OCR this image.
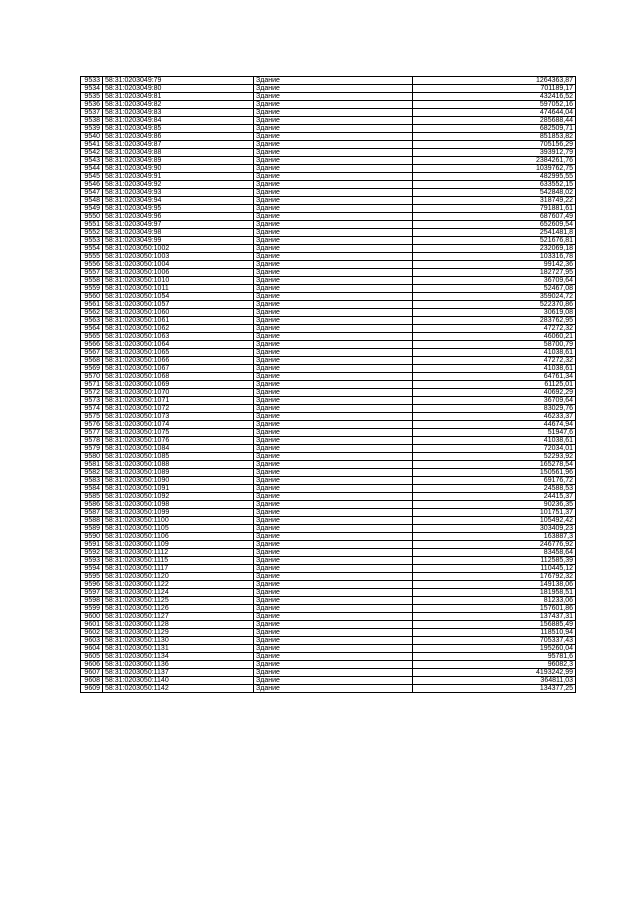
9533	58:31:0203049:79	Здание	1264363,87
9534	58:31:0203049:80	Здание	701189,17
9535	58:31:0203049:81	Здание	432416,52
9536	58:31:0203049:82	Здание	597052,16
9537	58:31:0203049:83	Здание	474644,04
9538	58:31:0203049:84	Здание	285688,44
9539	58:31:0203049:85	Здание	682509,71
9540	58:31:0203049:86	Здание	851853,82
9541	58:31:0203049:87	Здание	705156,29
9542	58:31:0203049:88	Здание	393912,79
9543	58:31:0203049:89	Здание	2384261,76
9544	58:31:0203049:90	Здание	1039762,75
9545	58:31:0203049:91	Здание	482995,55
9546	58:31:0203049:92	Здание	633552,15
9547	58:31:0203049:93	Здание	542848,02
9548	58:31:0203049:94	Здание	318749,22
9549	58:31:0203049:95	Здание	791881,61
9550	58:31:0203049:96	Здание	687607,49
9551	58:31:0203049:97	Здание	652609,54
9552	58:31:0203049:98	Здание	2541481,8
9553	58:31:0203049:99	Здание	521676,81
9554	58:31:0203050:1002	Здание	232069,18
9555	58:31:0203050:1003	Здание	103316,78
9556	58:31:0203050:1004	Здание	99142,36
9557	58:31:0203050:1006	Здание	182727,95
9558	58:31:0203050:1010	Здание	36709,64
9559	58:31:0203050:1011	Здание	52467,08
9560	58:31:0203050:1054	Здание	359024,72
9561	58:31:0203050:1057	Здание	522370,86
9562	58:31:0203050:1060	Здание	30619,08
9563	58:31:0203050:1061	Здание	283762,95
9564	58:31:0203050:1062	Здание	47272,32
9565	58:31:0203050:1063	Здание	46060,21
9566	58:31:0203050:1064	Здание	58700,79
9567	58:31:0203050:1065	Здание	41038,61
9568	58:31:0203050:1066	Здание	47272,32
9569	58:31:0203050:1067	Здание	41038,61
9570	58:31:0203050:1068	Здание	64761,34
9571	58:31:0203050:1069	Здание	61125,01
9572	58:31:0203050:1070	Здание	40692,29
9573	58:31:0203050:1071	Здание	36709,64
9574	58:31:0203050:1072	Здание	83029,76
9575	58:31:0203050:1073	Здание	46233,37
9576	58:31:0203050:1074	Здание	44674,94
9577	58:31:0203050:1075	Здание	51947,6
9578	58:31:0203050:1076	Здание	41038,61
9579	58:31:0203050:1084	Здание	72034,01
9580	58:31:0203050:1085	Здание	52293,92
9581	58:31:0203050:1088	Здание	165278,54
9582	58:31:0203050:1089	Здание	150561,96
9583	58:31:0203050:1090	Здание	69176,72
9584	58:31:0203050:1091	Здание	24588,53
9585	58:31:0203050:1092	Здание	24415,37
9586	58:31:0203050:1098	Здание	90236,35
9587	58:31:0203050:1099	Здание	101751,37
9588	58:31:0203050:1100	Здание	105492,42
9589	58:31:0203050:1105	Здание	303409,23
9590	58:31:0203050:1106	Здание	163887,3
9591	58:31:0203050:1109	Здание	246776,92
9592	58:31:0203050:1112	Здание	83458,64
9593	58:31:0203050:1115	Здание	112585,39
9594	58:31:0203050:1117	Здание	110445,12
9595	58:31:0203050:1120	Здание	176792,32
9596	58:31:0203050:1122	Здание	149138,06
9597	58:31:0203050:1124	Здание	181958,51
9598	58:31:0203050:1125	Здание	81233,06
9599	58:31:0203050:1126	Здание	157601,86
9600	58:31:0203050:1127	Здание	137437,31
9601	58:31:0203050:1128	Здание	156885,49
9602	58:31:0203050:1129	Здание	118510,94
9603	58:31:0203050:1130	Здание	705337,43
9604	58:31:0203050:1131	Здание	195260,04
9605	58:31:0203050:1134	Здание	95781,6
9606	58:31:0203050:1136	Здание	96082,3
9607	58:31:0203050:1137	Здание	4193242,99
9608	58:31:0203050:1140	Здание	364811,03
9609	58:31:0203050:1142	Здание	134377,25
